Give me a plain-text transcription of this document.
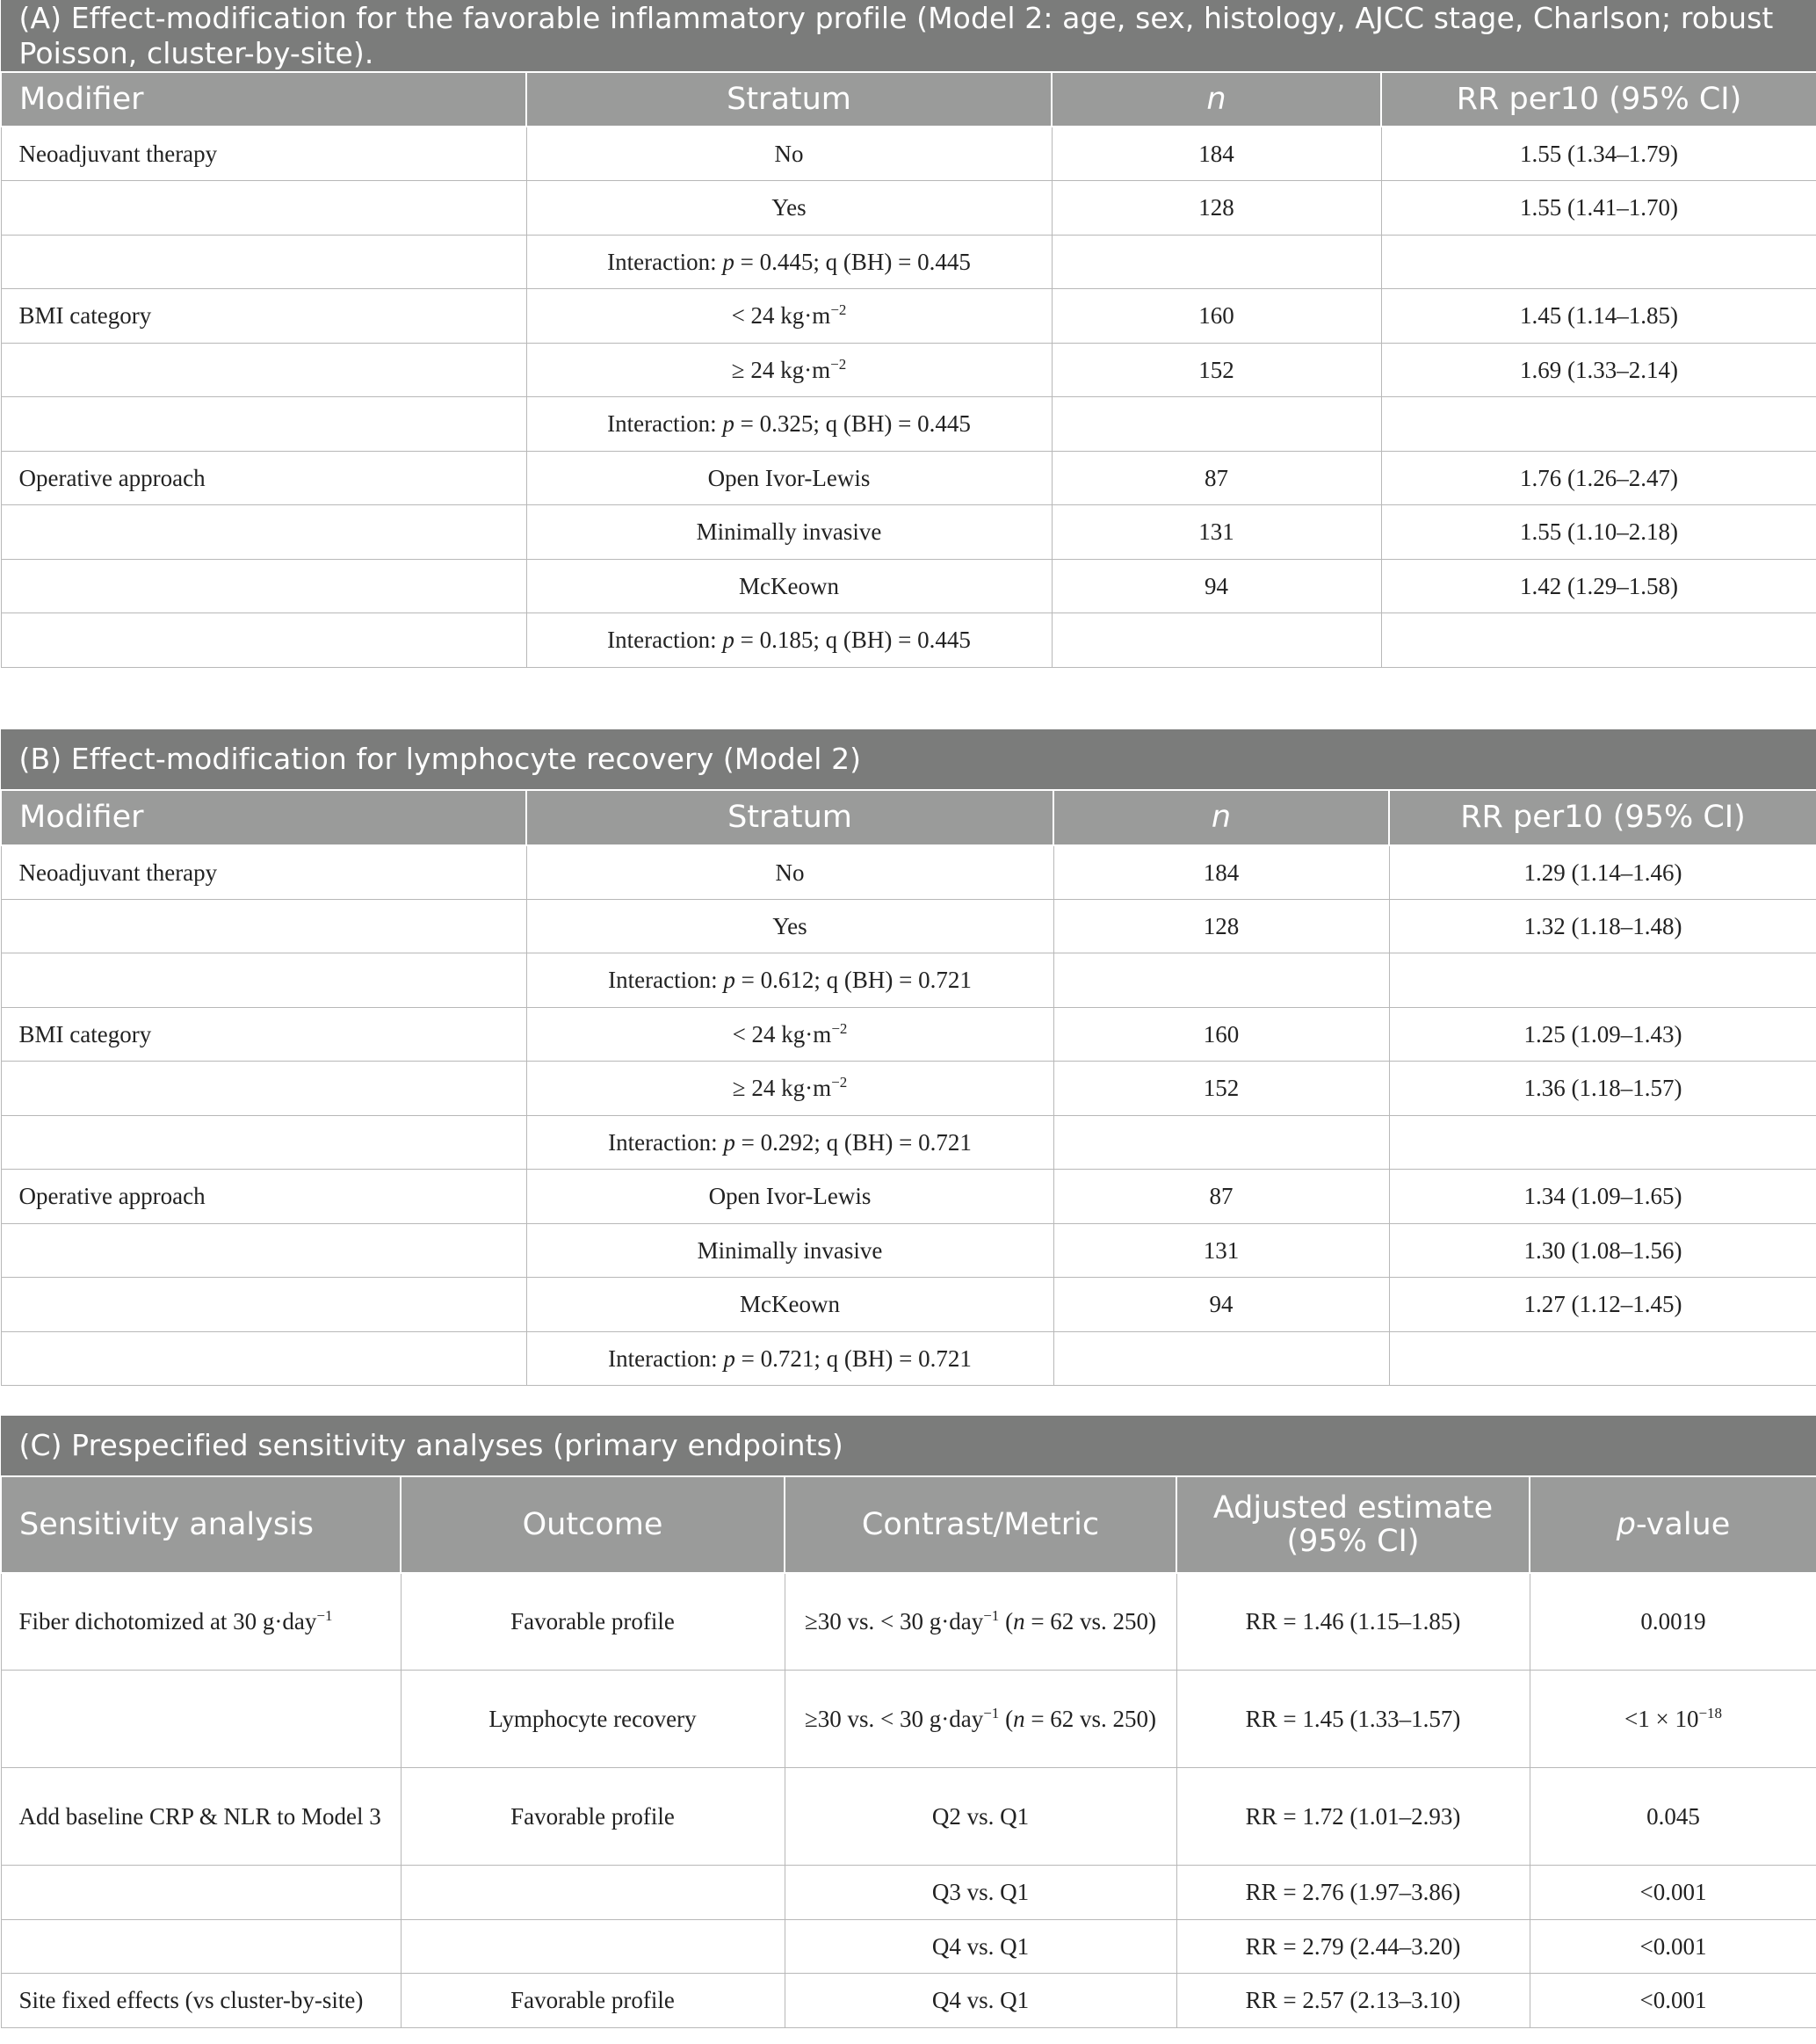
(A) Effect-modification for the favorable inflammatory profile (Model 2: age, sex, histology, AJCC stage, Charlson; robust Poisson, cluster-by-site).			
Modifier	Stratum	n	RR per10 (95% CI)
Neoadjuvant therapy	No	184	1.55 (1.34–1.79)
	Yes	128	1.55 (1.41–1.70)
	Interaction: p = 0.445; q (BH) = 0.445		
BMI category	< 24 $kg\cdot m^{-2}$	160	1.45 (1.14–1.85)
	≥ 24 $kg\cdot m^{-2}$	152	1.69 (1.33–2.14)
	Interaction: p = 0.325; q (BH) = 0.445		
Operative approach	Open Ivor-Lewis	87	1.76 (1.26–2.47)
	Minimally invasive	131	1.55 (1.10–2.18)
	McKeown	94	1.42 (1.29–1.58)
	Interaction: p = 0.185; q (BH) = 0.445		
(B) Effect-modification for lymphocyte recovery (Model 2)			
Modifier	Stratum	n	RR per10 (95% CI)
Neoadjuvant therapy	No	184	1.29 (1.14–1.46)
	Yes	128	1.32 (1.18–1.48)
	Interaction: p = 0.612; q (BH) = 0.721		
BMI category	< 24 $kg\cdot m^{-2}$	160	1.25 (1.09–1.43)
	≥ 24 $kg\cdot m^{-2}$	152	1.36 (1.18–1.57)
	Interaction: p = 0.292; q (BH) = 0.721		
Operative approach	Open Ivor-Lewis	87	1.34 (1.09–1.65)
	Minimally invasive	131	1.30 (1.08–1.56)
	McKeown	94	1.27 (1.12–1.45)
	Interaction: p = 0.721; q (BH) = 0.721		
(C) Prespecified sensitivity analyses (primary endpoints)				
Sensitivity analysis	Outcome	Contrast/Metric	Adjusted estimate (95% CI)	p-value
Fiber dichotomized at 30 g·day$^{-1}$	Favorable profile	≥30 vs. < 30 g·day$^{-1}$ (n = 62 vs. 250)	RR = 1.46 (1.15–1.85)	0.0019
	Lymphocyte recovery	≥30 vs. < 30 g·day$^{-1}$ (n = 62 vs. 250)	RR = 1.45 (1.33–1.57)	$<1 \times 10^{-18}$
Add baseline CRP & NLR to Model 3	Favorable profile	Q2 vs. Q1	RR = 1.72 (1.01–2.93)	0.045
		Q3 vs. Q1	RR = 2.76 (1.97–3.86)	<0.001
		Q4 vs. Q1	RR = 2.79 (2.44–3.20)	<0.001
Site fixed effects (vs cluster-by-site)	Favorable profile	Q4 vs. Q1	RR = 2.57 (2.13–3.10)	<0.001
